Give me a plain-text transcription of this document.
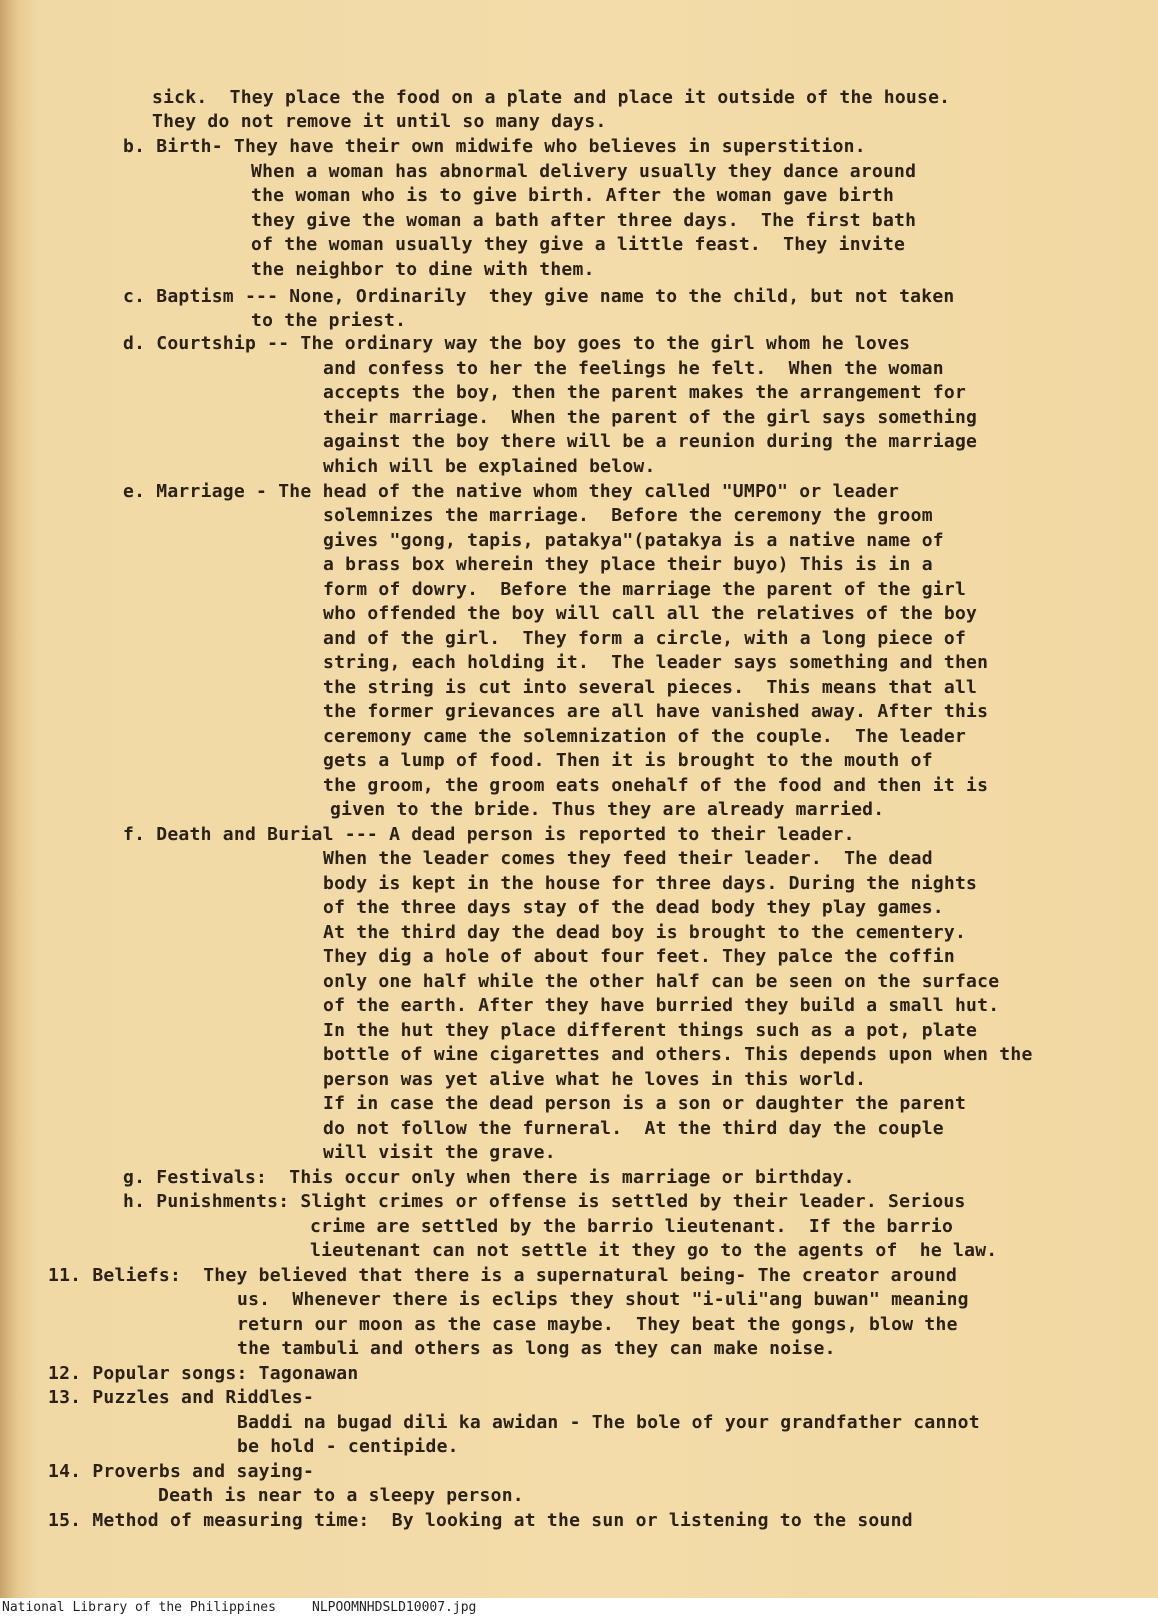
sick.  They place the food on a plate and place it outside of the house.
They do not remove it until so many days.
b. Birth- They have their own midwife who believes in superstition.
When a woman has abnormal delivery usually they dance around
the woman who is to give birth. After the woman gave birth
they give the woman a bath after three days.  The first bath
of the woman usually they give a little feast.  They invite
the neighbor to dine with them.
c. Baptism --- None, Ordinarily  they give name to the child, but not taken
to the priest.
d. Courtship -- The ordinary way the boy goes to the girl whom he loves
and confess to her the feelings he felt.  When the woman
accepts the boy, then the parent makes the arrangement for
their marriage.  When the parent of the girl says something
against the boy there will be a reunion during the marriage
which will be explained below.
e. Marriage - The head of the native whom they called "UMPO" or leader
solemnizes the marriage.  Before the ceremony the groom
gives "gong, tapis, patakya"(patakya is a native name of
a brass box wherein they place their buyo) This is in a
form of dowry.  Before the marriage the parent of the girl
who offended the boy will call all the relatives of the boy
and of the girl.  They form a circle, with a long piece of
string, each holding it.  The leader says something and then
the string is cut into several pieces.  This means that all
the former grievances are all have vanished away. After this
ceremony came the solemnization of the couple.  The leader
gets a lump of food. Then it is brought to the mouth of
the groom, the groom eats onehalf of the food and then it is
given to the bride. Thus they are already married.
f. Death and Burial --- A dead person is reported to their leader.
When the leader comes they feed their leader.  The dead
body is kept in the house for three days. During the nights
of the three days stay of the dead body they play games.
At the third day the dead boy is brought to the cementery.
They dig a hole of about four feet. They palce the coffin
only one half while the other half can be seen on the surface
of the earth. After they have burried they build a small hut.
In the hut they place different things such as a pot, plate
bottle of wine cigarettes and others. This depends upon when the
person was yet alive what he loves in this world.
If in case the dead person is a son or daughter the parent
do not follow the furneral.  At the third day the couple
will visit the grave.
g. Festivals:  This occur only when there is marriage or birthday.
h. Punishments: Slight crimes or offense is settled by their leader. Serious
crime are settled by the barrio lieutenant.  If the barrio
lieutenant can not settle it they go to the agents of  he law.
11. Beliefs:  They believed that there is a supernatural being- The creator around
us.  Whenever there is eclips they shout "i-uli"ang buwan" meaning
return our moon as the case maybe.  They beat the gongs, blow the
the tambuli and others as long as they can make noise.
12. Popular songs: Tagonawan
13. Puzzles and Riddles-
Baddi na bugad dili ka awidan - The bole of your grandfather cannot
be hold - centipide.
14. Proverbs and saying-
Death is near to a sleepy person.
15. Method of measuring time:  By looking at the sun or listening to the sound
National Library of the Philippines	NLPOOMNHDSLD10007.jpg
